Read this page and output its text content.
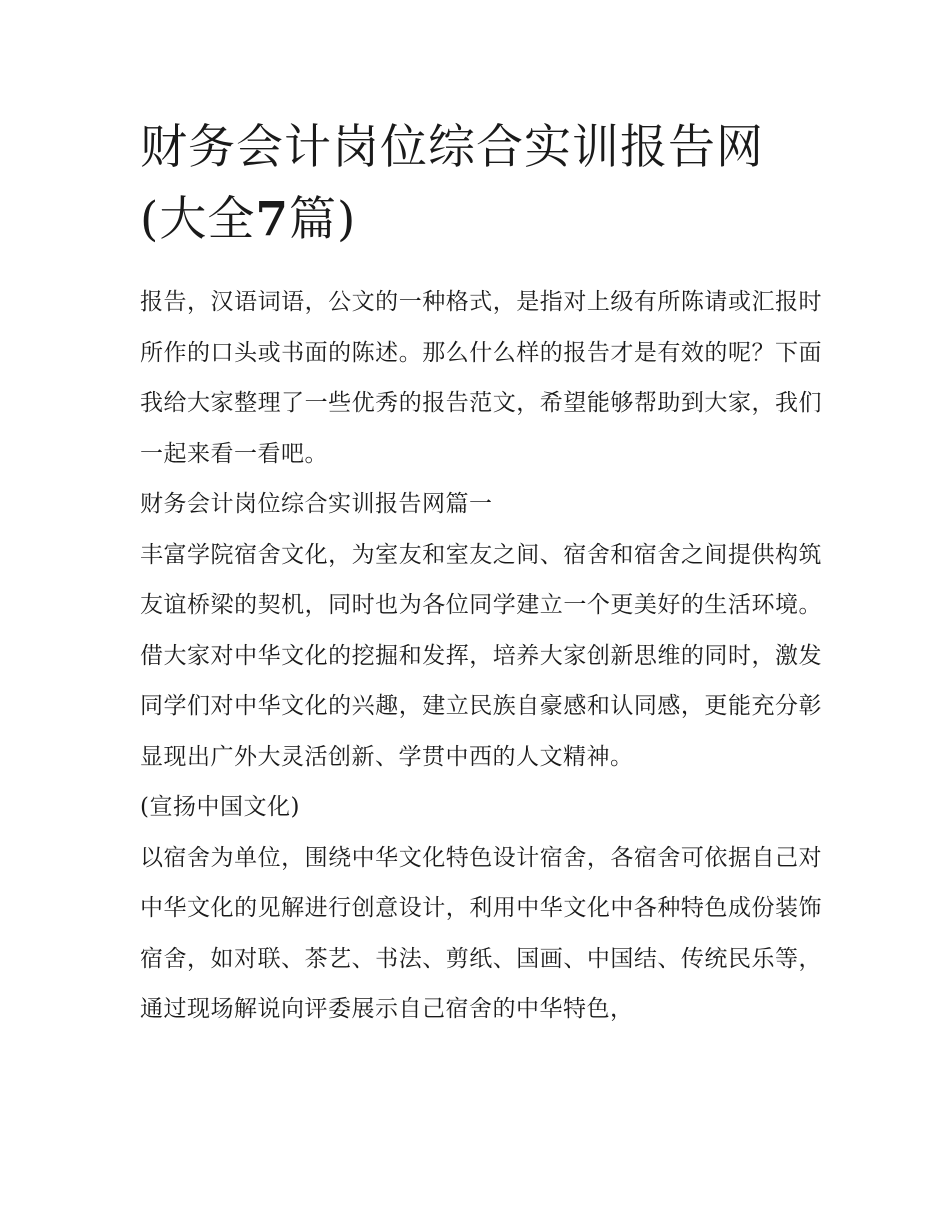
财务会计岗位综合实训报告网
(大全7篇)

报告，汉语词语，公文的一种格式，是指对上级有所陈请或汇报时所作的口头或书面的陈述。那么什么样的报告才是有效的呢？下面我给大家整理了一些优秀的报告范文，希望能够帮助到大家，我们一起来看一看吧。

财务会计岗位综合实训报告网篇一

丰富学院宿舍文化，为室友和室友之间、宿舍和宿舍之间提供构筑友谊桥梁的契机，同时也为各位同学建立一个更美好的生活环境。借大家对中华文化的挖掘和发挥，培养大家创新思维的同时，激发同学们对中华文化的兴趣，建立民族自豪感和认同感，更能充分彰显现出广外大灵活创新、学贯中西的人文精神。

(宣扬中国文化)

以宿舍为单位，围绕中华文化特色设计宿舍，各宿舍可依据自己对中华文化的见解进行创意设计，利用中华文化中各种特色成份装饰宿舍，如对联、茶艺、书法、剪纸、国画、中国结、传统民乐等，通过现场解说向评委展示自己宿舍的中华特色，
